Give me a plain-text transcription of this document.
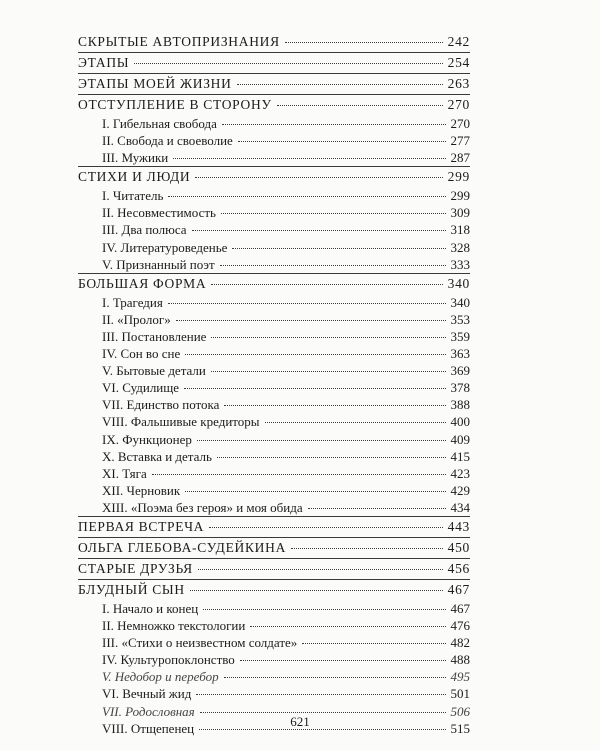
СКРЫТЫЕ АВТОПРИЗНАНИЯ	242
ЭТАПЫ	254
ЭТАПЫ МОЕЙ ЖИЗНИ	263
ОТСТУПЛЕНИЕ В СТОРОНУ	270
I. Гибельная свобода	270
II. Свобода и своеволие	277
III. Мужики	287
СТИХИ И ЛЮДИ	299
I. Читатель	299
II. Несовместимость	309
III. Два полюса	318
IV. Литературоведенье	328
V. Признанный поэт	333
БОЛЬШАЯ ФОРМА	340
I. Трагедия	340
II. «Пролог»	353
III. Постановление	359
IV. Сон во сне	363
V. Бытовые детали	369
VI. Судилище	378
VII. Единство потока	388
VIII. Фальшивые кредиторы	400
IX. Функционер	409
X. Вставка и деталь	415
XI. Тяга	423
XII. Черновик	429
XIII. «Поэма без героя» и моя обида	434
ПЕРВАЯ ВСТРЕЧА	443
ОЛЬГА ГЛЕБОВА-СУДЕЙКИНА	450
СТАРЫЕ ДРУЗЬЯ	456
БЛУДНЫЙ СЫН	467
I. Начало и конец	467
II. Немножко текстологии	476
III. «Стихи о неизвестном солдате»	482
IV. Культуропоклонство	488
V. Недобор и перебор	495
VI. Вечный жид	501
VII. Родословная	506
VIII. Отщепенец	515
621
